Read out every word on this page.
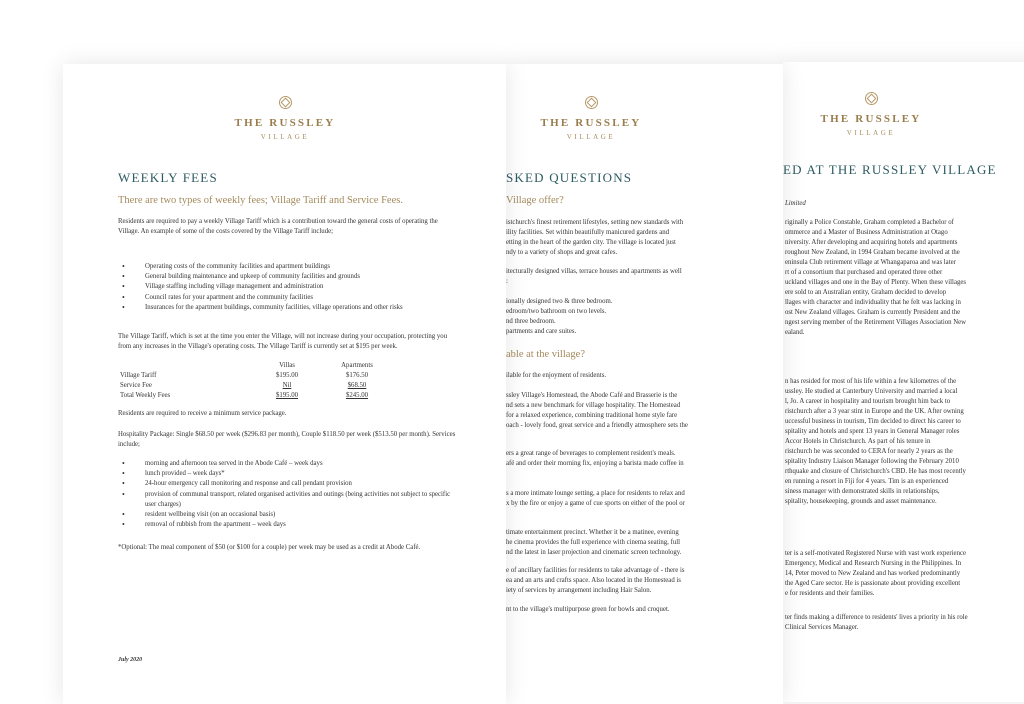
THE RUSSLEY
VILLAGE
ED AT THE RUSSLEY VILLAGE
Limited
riginally a Police Constable, Graham completed a Bachelor of
ommerce and a Master of Business Administration at Otago
niversity. After developing and acquiring hotels and apartments
roughout New Zealand, in 1994 Graham became involved at the
eninsula Club retirement village at Whangaparoa and was later
rt of a consortium that purchased and operated three other
uckland villages and one in the Bay of Plenty. When these villages
ere sold to an Australian entity, Graham decided to develop
llages with character and individuality that he felt was lacking in
ost New Zealand villages. Graham is currently President and the
ngest serving member of the Retirement Villages Association New
ealand.
n has resided for most of his life within a few kilometres of the
ussley. He studied at Canterbury University and married a local
l, Jo. A career in hospitality and tourism brought him back to
ristchurch after a 3 year stint in Europe and the UK. After owning
uccessful business in tourism, Tim decided to direct his career to
spitality and hotels and spent 13 years in General Manager roles
Accor Hotels in Christchurch. As part of his tenure in
ristchurch he was seconded to CERA for nearly 2 years as the
spitality Industry Liaison Manager following the February 2010
rthquake and closure of Christchurch's CBD. He has most recently
en running a resort in Fiji for 4 years. Tim is an experienced
siness manager with demonstrated skills in relationships,
spitality, housekeeping, grounds and asset maintenance.
ter is a self-motivated Registered Nurse with vast work experience
Emergency, Medical and Research Nursing in the Philippines. In
14, Peter moved to New Zealand and has worked predominantly
the Aged Care sector. He is passionate about providing excellent
e for residents and their families.
ter finds making a difference to residents' lives a priority in his role
Clinical Services Manager.
THE RUSSLEY
VILLAGE
SKED QUESTIONS
Village offer?
istchurch's finest retirement lifestyles, setting new standards with
ility facilities. Set within beautifully manicured gardens and
etting in the heart of the garden city. The village is located just
ndy to a variety of shops and great cafes.
itecturally designed villas, terrace houses and apartments as well
:
ionally designed two & three bedroom.
edroom/two bathroom on two levels.
nd three bedroom.
partments and care suites.
able at the village?
ilable for the enjoyment of residents.
ssley Village's Homestead, the Abode Café and Brasserie is the
nd sets a new benchmark for village hospitality. The Homestead
for a relaxed experience, combining traditional home style fare
oach - lovely food, great service and a friendly atmosphere sets the
ers a great range of beverages to complement resident's meals.
afé and order their morning fix, enjoying a barista made coffee in
s a more intimate lounge setting, a place for residents to relax and
x by the fire or enjoy a game of cue sports on either of the pool or
timate entertainment precinct. Whether it be a matinee, evening
he cinema provides the full experience with cinema seating, full
nd the latest in laser projection and cinematic screen technology.
e of ancillary facilities for residents to take advantage of - there is
ea and an arts and crafts space. Also located in the Homestead is
iety of services by arrangement including Hair Salon.
nt to the village's multipurpose green for bowls and croquet.
THE RUSSLEY
VILLAGE
WEEKLY FEES
There are two types of weekly fees; Village Tariff and Service Fees.
Residents are required to pay a weekly Village Tariff which is a contribution toward the general costs of operating the Village. An example of some of the costs covered by the Village Tariff include;
• Operating costs of the community facilities and apartment buildings
• General building maintenance and upkeep of community facilities and grounds
• Village staffing including village management and administration
• Council rates for your apartment and the community facilities
• Insurances for the apartment buildings, community facilities, village operations and other risks
The Village Tariff, which is set at the time you enter the Village, will not increase during your occupation, protecting you from any increases in the Village's operating costs. The Village Tariff is currently set at $195 per week.
	Villas	Apartments
Village Tariff	$195.00	$176.50
Service Fee	Nil	$68.50
Total Weekly Fees	$195.00	$245.00
Residents are required to receive a minimum service package.
Hospitality Package: Single $68.50 per week ($296.83 per month), Couple $118.50 per week ($513.50 per month). Services include;
• morning and afternoon tea served in the Abode Café – week days
• lunch provided – week days*
• 24-hour emergency call monitoring and response and call pendant provision
• provision of communal transport, related organised activities and outings (being activities not subject to specific user charges)
• resident wellbeing visit (on an occasional basis)
• removal of rubbish from the apartment – week days
*Optional: The meal component of $50 (or $100 for a couple) per week may be used as a credit at Abode Café.
July 2020
